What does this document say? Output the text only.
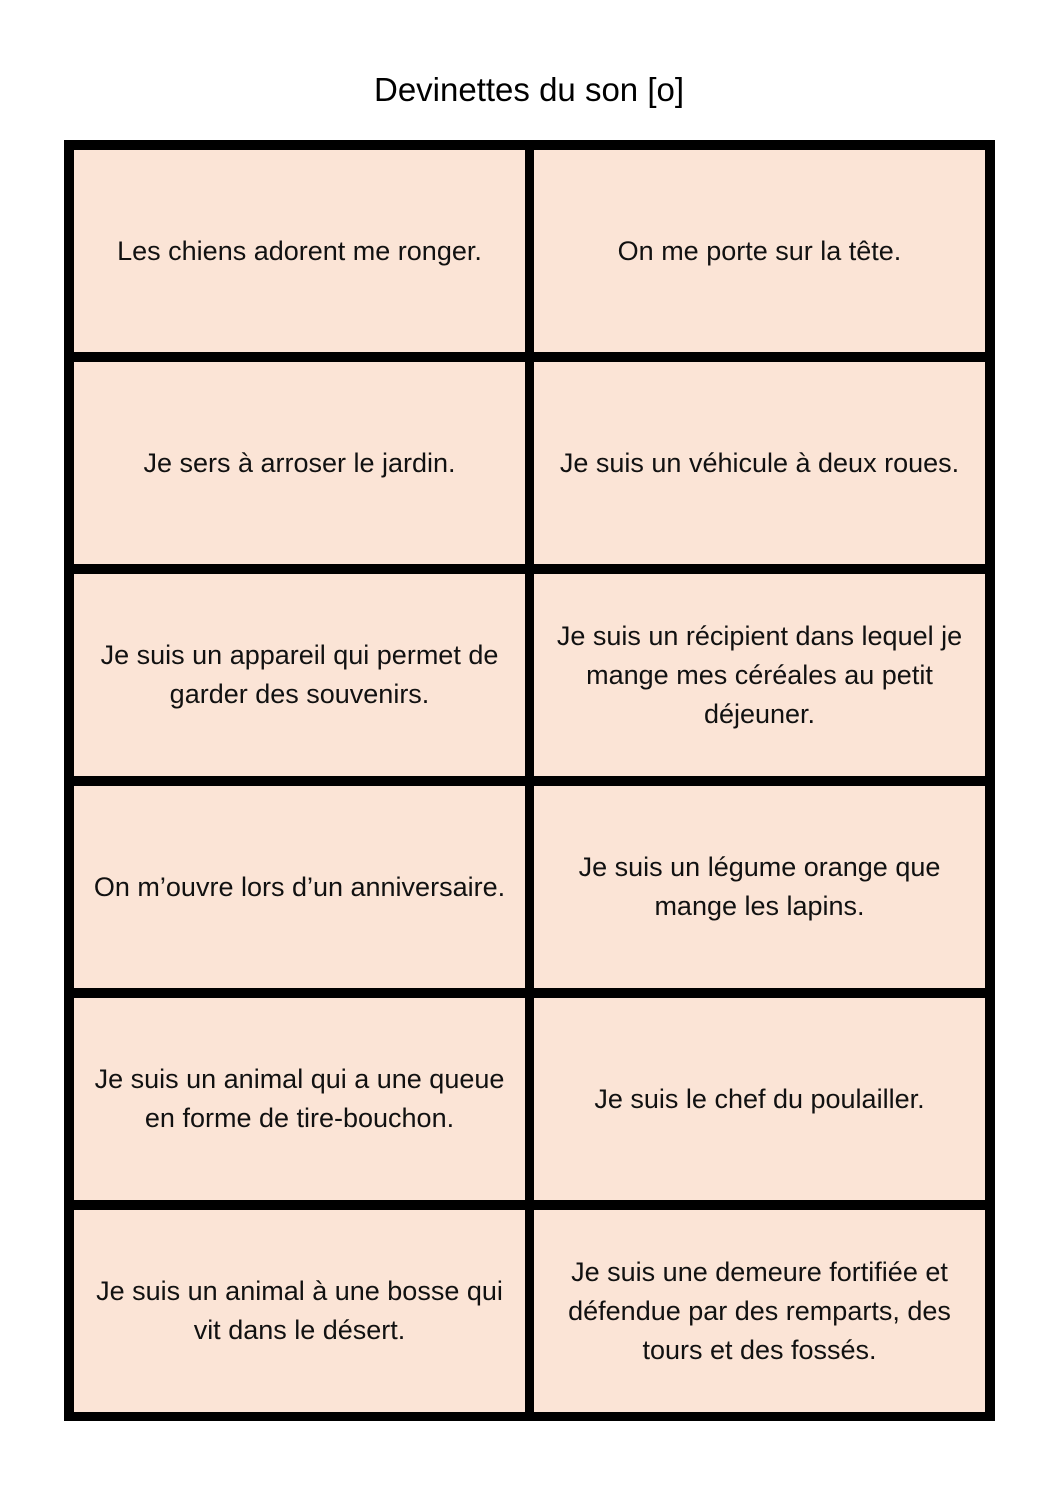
Devinettes du son [o]
Les chiens adorent me ronger.	On me porte sur la tête.
Je sers à arroser le jardin.	Je suis un véhicule à deux roues.
Je suis un appareil qui permet de garder des souvenirs.
Je suis un récipient dans lequel je mange mes céréales au petit déjeuner.
On m’ouvre lors d’un anniversaire.
Je suis un légume orange que mange les lapins.
Je suis un animal qui a une queue en forme de tire-bouchon.
Je suis le chef du poulailler.
Je suis un animal à une bosse qui vit dans le désert.
Je suis une demeure fortifiée et défendue par des remparts, des tours et des fossés.
